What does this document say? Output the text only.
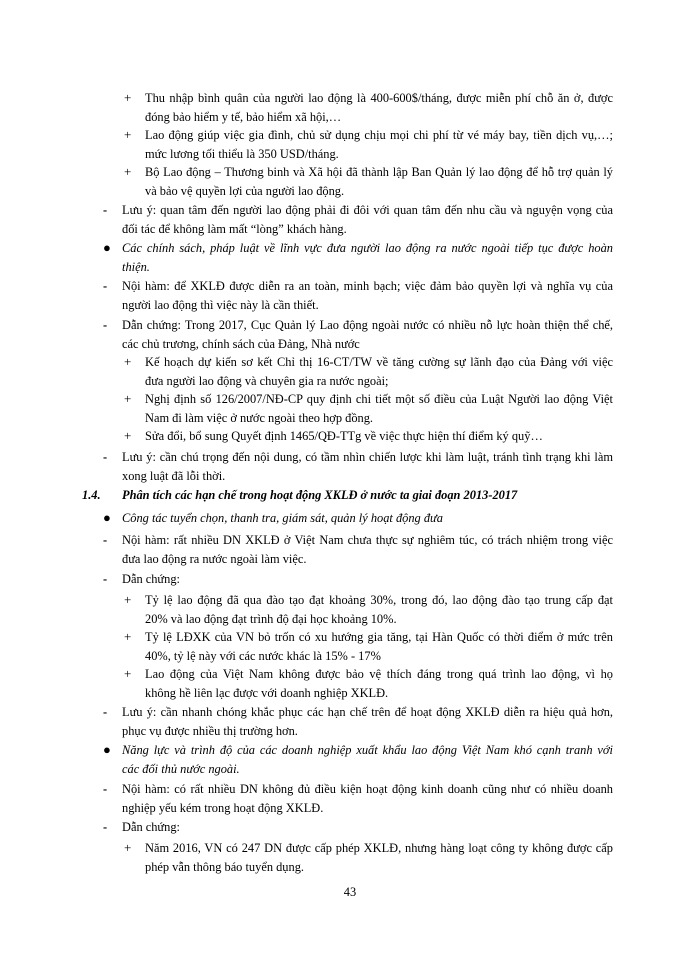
+ Thu nhập bình quân của người lao động là 400-600$/tháng, được miễn phí chỗ ăn ở, được
đóng bảo hiểm y tế, bảo hiểm xã hội,…
+ Lao động giúp việc gia đình, chủ sử dụng chịu mọi chi phí từ vé máy bay, tiền dịch vụ,…;
mức lương tối thiểu là 350 USD/tháng.
+ Bộ Lao động – Thương binh và Xã hội đã thành lập Ban Quản lý lao động để hỗ trợ quản lý
và bảo vệ quyền lợi của người lao động.
- Lưu ý: quan tâm đến người lao động phải đi đôi với quan tâm đến nhu cầu và nguyện vọng của
đối tác để không làm mất “lòng” khách hàng.
● Các chính sách, pháp luật về lĩnh vực đưa người lao động ra nước ngoài tiếp tục được hoàn
thiện.
- Nội hàm: để XKLĐ được diễn ra an toàn, minh bạch; việc đảm bảo quyền lợi và nghĩa vụ của
người lao động thì việc này là cần thiết.
- Dẫn chứng: Trong 2017, Cục Quản lý Lao động ngoài nước có nhiều nỗ lực hoàn thiện thể chế,
các chủ trương, chính sách của Đảng, Nhà nước
+ Kế hoạch dự kiến sơ kết Chỉ thị 16-CT/TW về tăng cường sự lãnh đạo của Đảng với việc
đưa người lao động và chuyên gia ra nước ngoài;
+ Nghị định số 126/2007/NĐ-CP quy định chi tiết một số điều của Luật Người lao động Việt
Nam đi làm việc ở nước ngoài theo hợp đồng.
+ Sửa đổi, bổ sung Quyết định 1465/QĐ-TTg về việc thực hiện thí điểm ký quỹ…
- Lưu ý: cần chú trọng đến nội dung, có tầm nhìn chiến lược khi làm luật, tránh tình trạng khi làm
xong luật đã lỗi thời.
1.4. Phân tích các hạn chế trong hoạt động XKLĐ ở nước ta giai đoạn 2013-2017
● Công tác tuyển chọn, thanh tra, giám sát, quản lý hoạt động đưa
- Nội hàm: rất nhiều DN XKLĐ ở Việt Nam chưa thực sự nghiêm túc, có trách nhiệm trong việc
đưa lao động ra nước ngoài làm việc.
- Dẫn chứng:
+ Tỷ lệ lao động đã qua đào tạo đạt khoảng 30%, trong đó, lao động đào tạo trung cấp đạt
20% và lao động đạt trình độ đại học khoảng 10%.
+ Tỷ lệ LĐXK của VN bỏ trốn có xu hướng gia tăng, tại Hàn Quốc có thời điểm ở mức trên
40%, tỷ lệ này với các nước khác là 15% - 17%
+ Lao động của Việt Nam không được bảo vệ thích đáng trong quá trình lao động, vì họ
không hề liên lạc được với doanh nghiệp XKLĐ.
- Lưu ý: cần nhanh chóng khắc phục các hạn chế trên để hoạt động XKLĐ diễn ra hiệu quả hơn,
phục vụ được nhiều thị trường hơn.
● Năng lực và trình độ của các doanh nghiệp xuất khẩu lao động Việt Nam khó cạnh tranh với
các đối thủ nước ngoài.
- Nội hàm: có rất nhiều DN không đủ điều kiện hoạt động kinh doanh cũng như có nhiều doanh
nghiệp yếu kém trong hoạt động XKLĐ.
- Dẫn chứng:
+ Năm 2016, VN có 247 DN được cấp phép XKLĐ, nhưng hàng loạt công ty không được cấp
phép vẫn thông báo tuyển dụng.
43
